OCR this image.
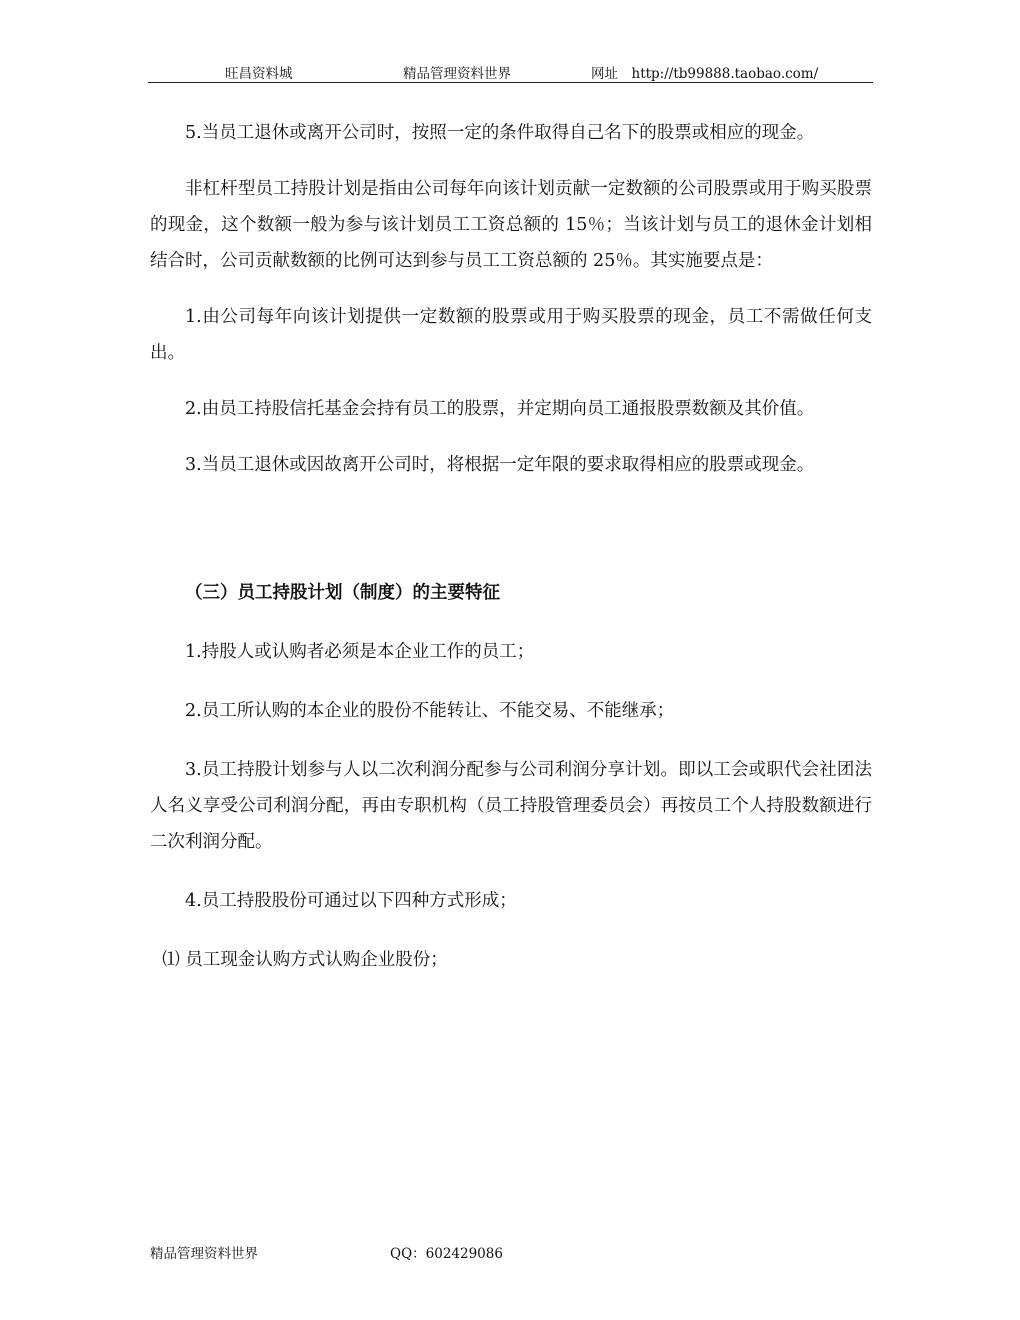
旺昌资料城	精品管理资料世界	网址　http://tb99888.taobao.com/

5.当员工退休或离开公司时，按照一定的条件取得自己名下的股票或相应的现金。

非杠杆型员工持股计划是指由公司每年向该计划贡献一定数额的公司股票或用于购买股票的现金，这个数额一般为参与该计划员工工资总额的 15％；当该计划与员工的退休金计划相结合时，公司贡献数额的比例可达到参与员工工资总额的 25％。其实施要点是：

1.由公司每年向该计划提供一定数额的股票或用于购买股票的现金，员工不需做任何支出。

2.由员工持股信托基金会持有员工的股票，并定期向员工通报股票数额及其价值。

3.当员工退休或因故离开公司时，将根据一定年限的要求取得相应的股票或现金。

（三）员工持股计划（制度）的主要特征

1.持股人或认购者必须是本企业工作的员工；

2.员工所认购的本企业的股份不能转让、不能交易、不能继承；

3.员工持股计划参与人以二次利润分配参与公司利润分享计划。即以工会或职代会社团法人名义享受公司利润分配，再由专职机构（员工持股管理委员会）再按员工个人持股数额进行二次利润分配。

4.员工持股股份可通过以下四种方式形成；

⑴ 员工现金认购方式认购企业股份；

精品管理资料世界	QQ：602429086
